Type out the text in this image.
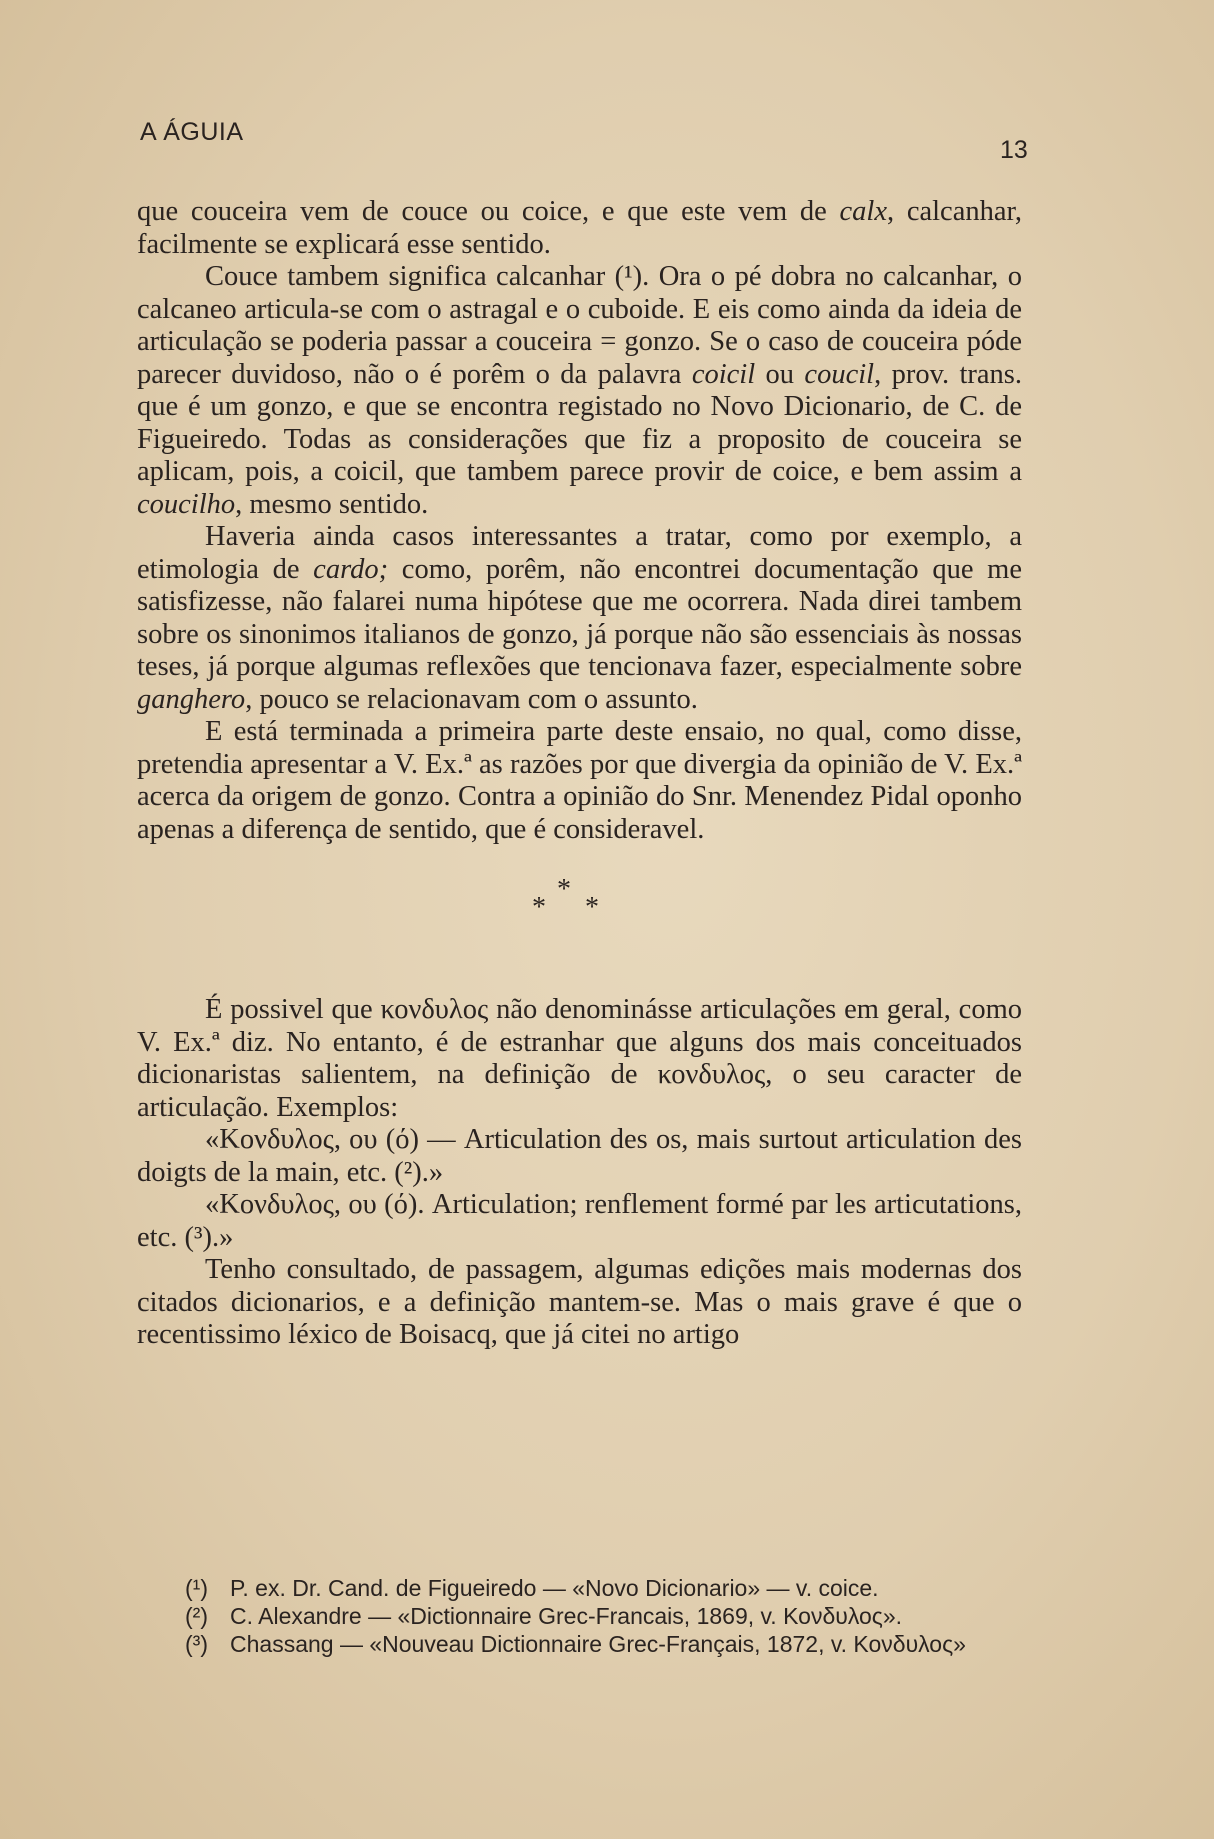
A ÁGUIA
13

que couceira vem de couce ou coice, e que este vem de calx, calcanhar, facilmente se explicará esse sentido.

Couce tambem significa calcanhar (¹). Ora o pé dobra no calcanhar, o calcaneo articula-se com o astragal e o cuboide. E eis como ainda da ideia de articulação se poderia passar a couceira = gonzo. Se o caso de couceira póde parecer duvidoso, não o é porêm o da palavra coicil ou coucil, prov. trans. que é um gonzo, e que se encontra registado no Novo Dicionario, de C. de Figueiredo. Todas as considerações que fiz a proposito de couceira se aplicam, pois, a coicil, que tambem parece provir de coice, e bem assim a coucilho, mesmo sentido.

Haveria ainda casos interessantes a tratar, como por exemplo, a etimologia de cardo; como, porêm, não encontrei documentação que me satisfizesse, não falarei numa hipótese que me ocorrera. Nada direi tambem sobre os sinonimos italianos de gonzo, já porque não são essenciais às nossas teses, já porque algumas reflexões que tencionava fazer, especialmente sobre ganghero, pouco se relacionavam com o assunto.

E está terminada a primeira parte deste ensaio, no qual, como disse, pretendia apresentar a V. Ex.ª as razões por que divergia da opinião de V. Ex.ª acerca da origem de gonzo. Contra a opinião do Snr. Menendez Pidal oponho apenas a diferença de sentido, que é consideravel.

*
* *

É possivel que κονδυλος não denominásse articulações em geral, como V. Ex.ª diz. No entanto, é de estranhar que alguns dos mais conceituados dicionaristas salientem, na definição de κονδυλος, o seu caracter de articulação. Exemplos:

«Κονδυλος, ου (ό) — Articulation des os, mais surtout articulation des doigts de la main, etc. (²).»

«Κονδυλος, ου (ό). Articulation; renflement formé par les articutations, etc. (³).»

Tenho consultado, de passagem, algumas edições mais modernas dos citados dicionarios, e a definição mantem-se. Mas o mais grave é que o recentissimo léxico de Boisacq, que já citei no artigo

(¹) P. ex. Dr. Cand. de Figueiredo — «Novo Dicionario» — v. coice.

(²) C. Alexandre — «Dictionnaire Grec-Francais, 1869, v. Κονδυλος».

(³) Chassang — «Nouveau Dictionnaire Grec-Français, 1872, v. Κονδυλος»
